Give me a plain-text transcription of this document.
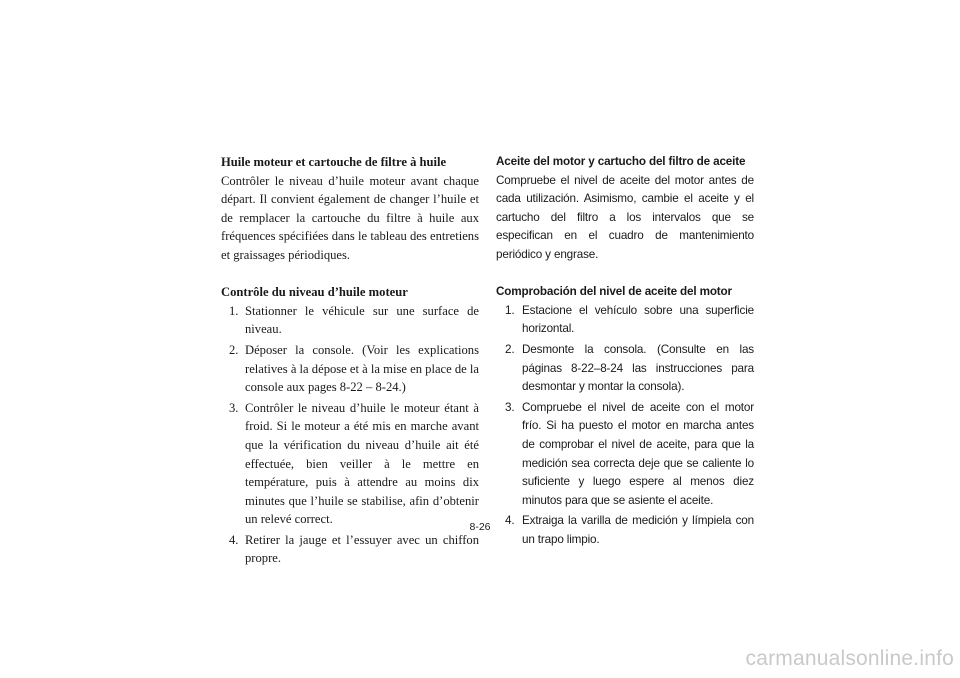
Huile moteur et cartouche de filtre à huile

Contrôler le niveau d’huile moteur avant chaque départ. Il convient également de changer l’huile et de remplacer la cartouche du filtre à huile aux fréquences spécifiées dans le tableau des entretiens et graissages périodiques.

Contrôle du niveau d’huile moteur

1. Stationner le véhicule sur une surface de niveau.
2. Déposer la console. (Voir les explications relatives à la dépose et à la mise en place de la console aux pages 8-22 – 8-24.)
3. Contrôler le niveau d’huile le moteur étant à froid. Si le moteur a été mis en marche avant que la vérification du niveau d’huile ait été effectuée, bien veiller à le mettre en température, puis à attendre au moins dix minutes que l’huile se stabilise, afin d’obtenir un relevé correct.
4. Retirer la jauge et l’essuyer avec un chiffon propre.

Aceite del motor y cartucho del filtro de aceite

Compruebe el nivel de aceite del motor antes de cada utilización. Asimismo, cambie el aceite y el cartucho del filtro a los intervalos que se especifican en el cuadro de mantenimiento periódico y engrase.

Comprobación del nivel de aceite del motor

1. Estacione el vehículo sobre una superficie horizontal.
2. Desmonte la consola. (Consulte en las páginas 8-22–8-24 las instrucciones para desmontar y montar la consola).
3. Compruebe el nivel de aceite con el motor frío. Si ha puesto el motor en marcha antes de comprobar el nivel de aceite, para que la medición sea correcta deje que se caliente lo suficiente y luego espere al menos diez minutos para que se asiente el aceite.
4. Extraiga la varilla de medición y límpiela con un trapo limpio.
8-26
carmanualsonline.info
